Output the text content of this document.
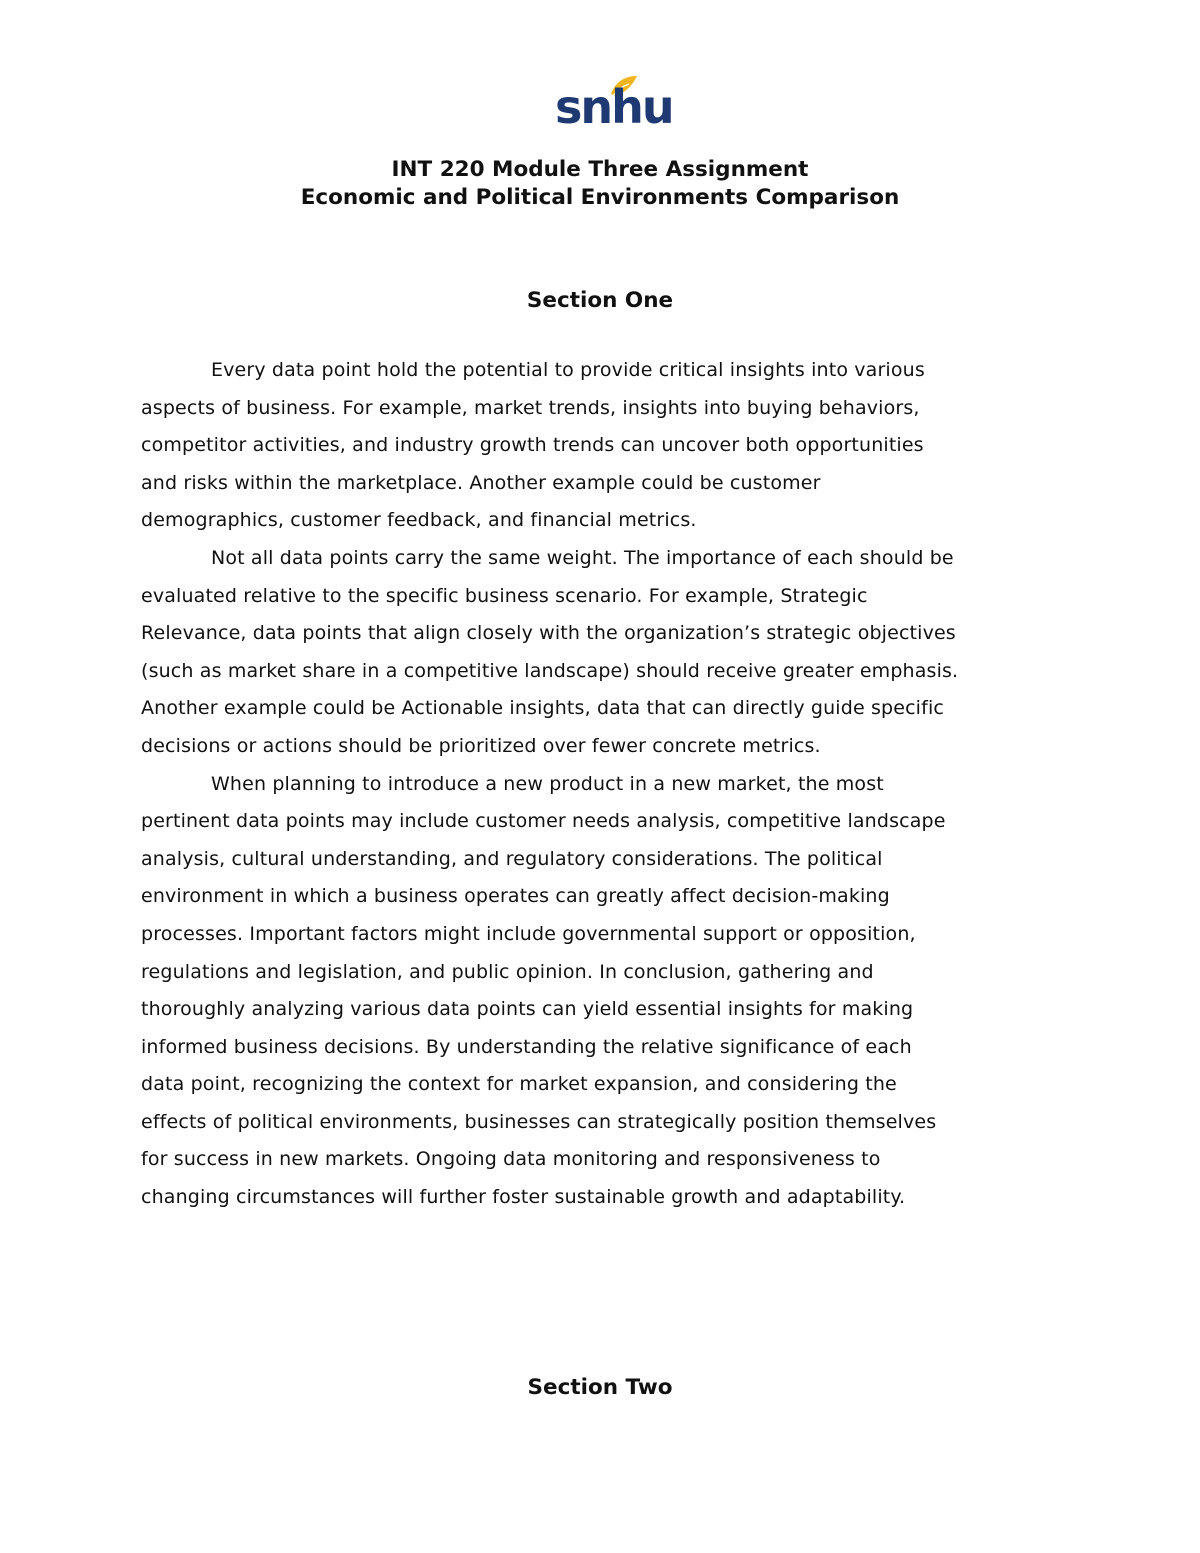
snhu
INT 220 Module Three Assignment
Economic and Political Environments Comparison
Section One
Every data point hold the potential to provide critical insights into various
aspects of business. For example, market trends, insights into buying behaviors,
competitor activities, and industry growth trends can uncover both opportunities
and risks within the marketplace. Another example could be customer
demographics, customer feedback, and financial metrics.
Not all data points carry the same weight. The importance of each should be
evaluated relative to the specific business scenario. For example, Strategic
Relevance, data points that align closely with the organization’s strategic objectives
(such as market share in a competitive landscape) should receive greater emphasis.
Another example could be Actionable insights, data that can directly guide specific
decisions or actions should be prioritized over fewer concrete metrics.
When planning to introduce a new product in a new market, the most
pertinent data points may include customer needs analysis, competitive landscape
analysis, cultural understanding, and regulatory considerations. The political
environment in which a business operates can greatly affect decision-making
processes. Important factors might include governmental support or opposition,
regulations and legislation, and public opinion. In conclusion, gathering and
thoroughly analyzing various data points can yield essential insights for making
informed business decisions. By understanding the relative significance of each
data point, recognizing the context for market expansion, and considering the
effects of political environments, businesses can strategically position themselves
for success in new markets. Ongoing data monitoring and responsiveness to
changing circumstances will further foster sustainable growth and adaptability.
Section Two
